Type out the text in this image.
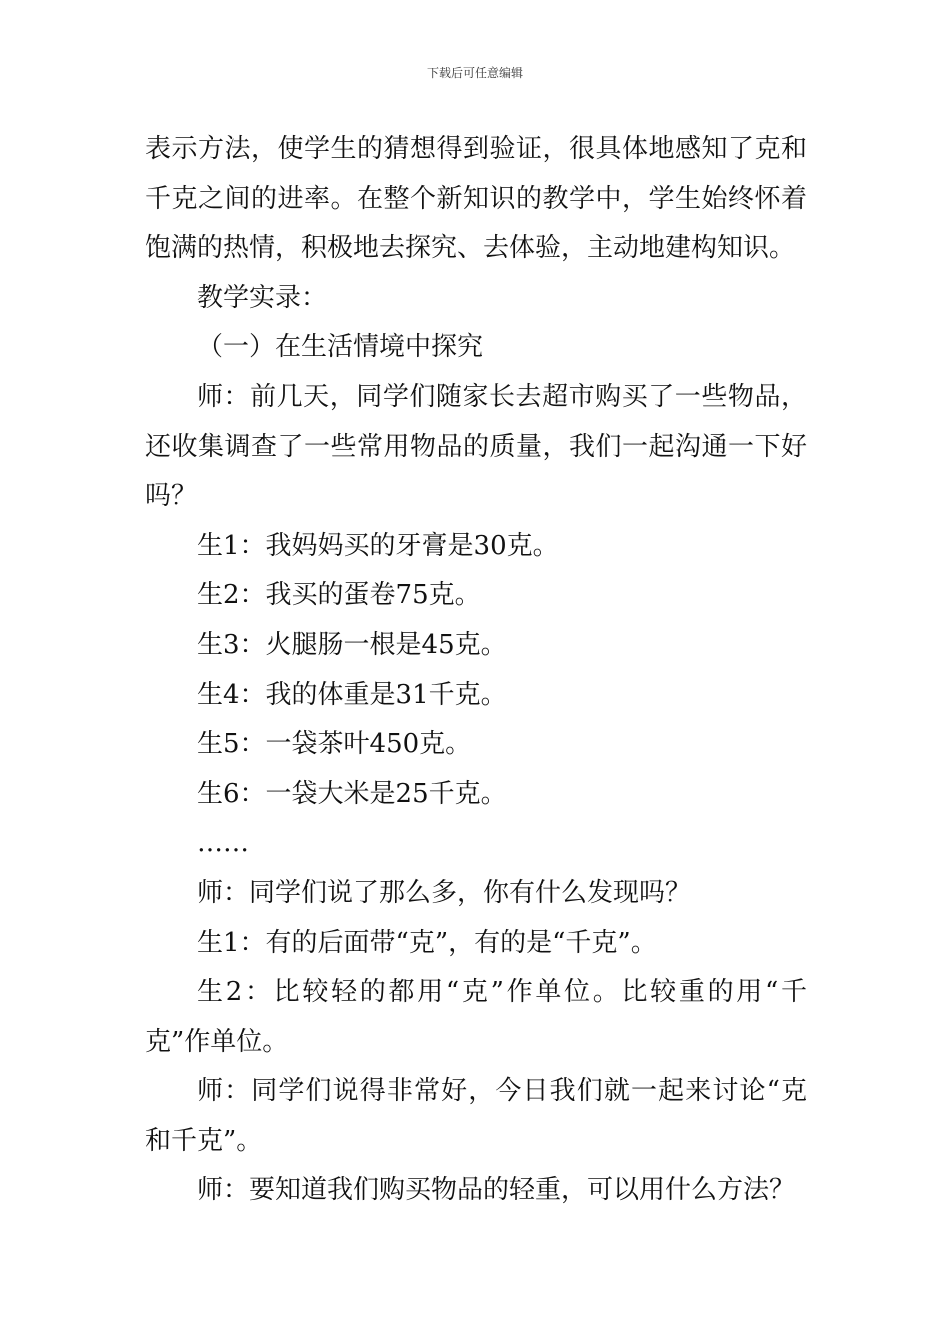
下载后可任意编辑

表示方法，使学生的猜想得到验证，很具体地感知了克和千克之间的进率。在整个新知识的教学中，学生始终怀着饱满的热情，积极地去探究、去体验，主动地建构知识。

教学实录：

（一）在生活情境中探究

师：前几天，同学们随家长去超市购买了一些物品，还收集调查了一些常用物品的质量，我们一起沟通一下好吗？

生1：我妈妈买的牙膏是30克。

生2：我买的蛋卷75克。

生3：火腿肠一根是45克。

生4：我的体重是31千克。

生5：一袋茶叶450克。

生6：一袋大米是25千克。

……

师：同学们说了那么多，你有什么发现吗？

生1：有的后面带“克”，有的是“千克”。

生2：比较轻的都用“克”作单位。比较重的用“千克”作单位。

师：同学们说得非常好，今日我们就一起来讨论“克和千克”。

师：要知道我们购买物品的轻重，可以用什么方法？
